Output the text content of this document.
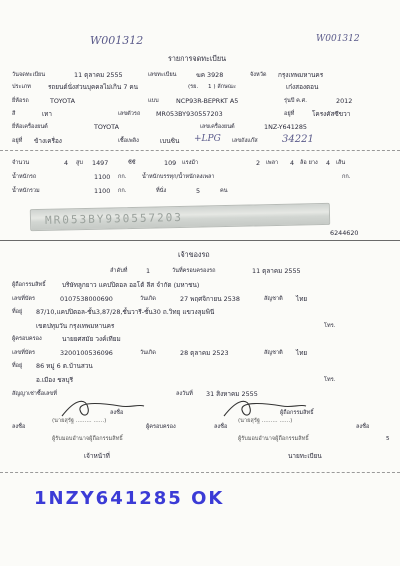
W001312	W001312
รายการจดทะเบียน
วันจดทะเบียน	11 ตุลาคม 2555	เลขทะเบียน	ฆค 3928	จังหวัด กรุงเทพมหานคร
ประเภท	รถยนต์นั่งส่วนบุคคลไม่เกิน 7 คน	(รย. 1 ) ลักษณะ	เก๋งสองตอน
ยี่ห้อรถ	TOYOTA	แบบ	NCP93R-BEPRKT A5	รุ่นปี ค.ศ.	2012
สี	เทา	เลขตัวรถ MR053BY930557203	อยู่ที่	โครงคัสซีขวา
ยี่ห้อเครื่องยนต์	TOYOTA	เลขเครื่องยนต์	1NZ-Y641285
อยู่ที่ ข้างเครื่อง	เชื้อเพลิง	เบนซิน +LPG เลขถังแก๊ส 34221
จำนวน	4 สูบ 1497	ซีซี	109 แรงม้า	2 เพลา 4 ล้อ ยาง 4 เส้น
น้ำหนักรถ	1100 กก.	น้ำหนักบรรทุก/น้ำหนักลงเพลา	กก.
น้ำหนักรวม	1100 กก.	ที่นั่ง	5	คน
MR053BY930557203
6244620
เจ้าของรถ
ลำดับที่	1	วันที่ครอบครองรถ	11 ตุลาคม 2555
ผู้ถือกรรมสิทธิ์	บริษัทลูกยาว แคปปิตอล ออโต้ ลีส จำกัด (มหาชน)
เลขที่บัตร	0107538000690	วันเกิด	27 พฤศจิกายน 2538	สัญชาติ ไทย
ที่อยู่ 87/10,แคปปิตอล-ชั้น3,87/28,ชั้นวารี-ชั้น30 ถ.วิทยุ แขวงลุมพินี
เขตปทุมวัน กรุงเทพมหานคร	โทร.
ผู้ครอบครอง	นายยศสมัย วงค์เทียม
เลขที่บัตร	3200100536096	วันเกิด	28 ตุลาคม 2523	สัญชาติ ไทย
ที่อยู่ 86 หมู่ 6 ต.บ้านสวน
อ.เมือง ชลบุรี	โทร.
สัญญาเช่าซื้อเลขที่	ลงวันที่ 31 สิงหาคม 2555
ลงชื่อ	ผู้ถือกรรมสิทธิ์
ลงชื่อ	ผู้ครอบครอง	ลงชื่อ	ลงชื่อ
(นายสุรัฐ ......... ......)
ผู้รับมอบอำนาจผู้ถือกรรมสิทธิ์
(นายสุรัฐ ......... ......)
ผู้รับมอบอำนาจผู้ถือกรรมสิทธิ์
เจ้าหน้าที่	นายทะเบียน
5
1NZY641285 OK
